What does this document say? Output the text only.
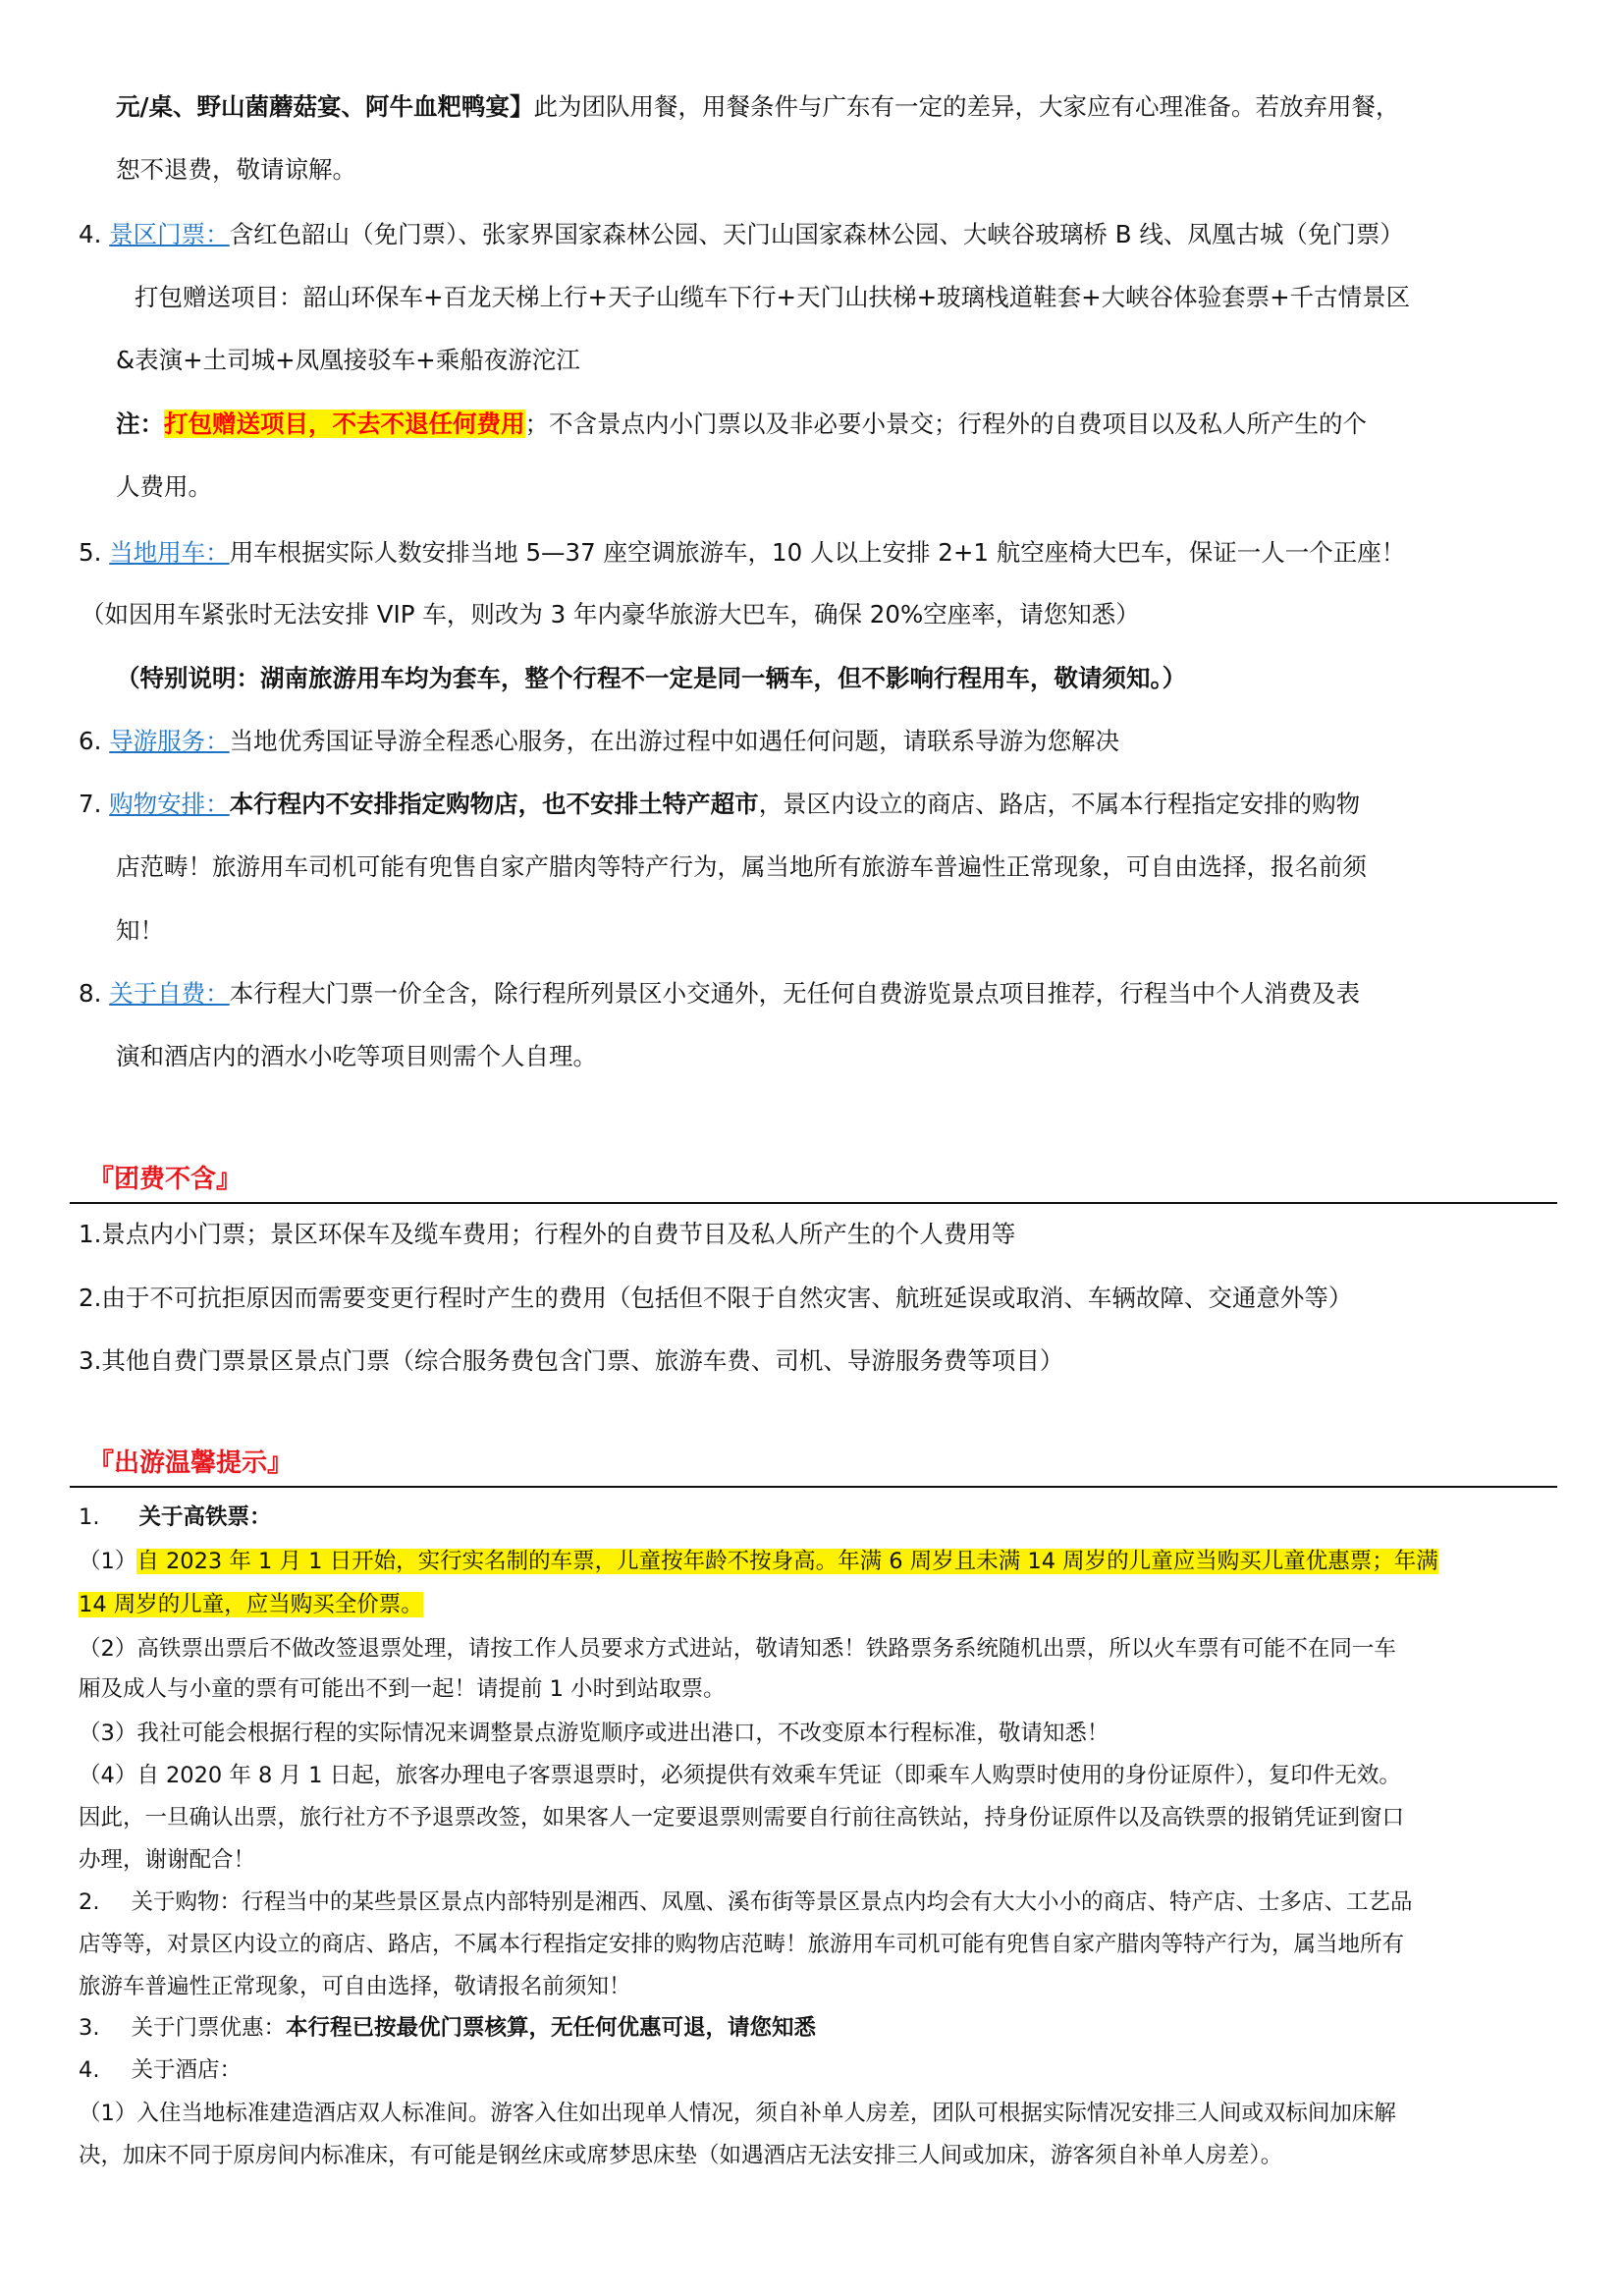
元/桌、野山菌蘑菇宴、阿牛血粑鸭宴】此为团队用餐，用餐条件与广东有一定的差异，大家应有心理准备。若放弃用餐，
恕不退费，敬请谅解。
4. 景区门票：含红色韶山（免门票）、张家界国家森林公园、天门山国家森林公园、大峡谷玻璃桥 B 线、凤凰古城（免门票）
打包赠送项目：韶山环保车+百龙天梯上行+天子山缆车下行+天门山扶梯+玻璃栈道鞋套+大峡谷体验套票+千古情景区
&表演+土司城+凤凰接驳车+乘船夜游沱江
注：打包赠送项目，不去不退任何费用；不含景点内小门票以及非必要小景交；行程外的自费项目以及私人所产生的个
人费用。
5. 当地用车：用车根据实际人数安排当地 5—37 座空调旅游车，10 人以上安排 2+1 航空座椅大巴车，保证一人一个正座！
（如因用车紧张时无法安排 VIP 车，则改为 3 年内豪华旅游大巴车，确保 20%空座率，请您知悉）
（特别说明：湖南旅游用车均为套车，整个行程不一定是同一辆车，但不影响行程用车，敬请须知。）
6. 导游服务：当地优秀国证导游全程悉心服务，在出游过程中如遇任何问题，请联系导游为您解决
7. 购物安排：本行程内不安排指定购物店，也不安排土特产超市，景区内设立的商店、路店，不属本行程指定安排的购物
店范畴！旅游用车司机可能有兜售自家产腊肉等特产行为，属当地所有旅游车普遍性正常现象，可自由选择，报名前须
知！
8. 关于自费：本行程大门票一价全含，除行程所列景区小交通外，无任何自费游览景点项目推荐，行程当中个人消费及表
演和酒店内的酒水小吃等项目则需个人自理。
『团费不含』
1.景点内小门票；景区环保车及缆车费用；行程外的自费节目及私人所产生的个人费用等
2.由于不可抗拒原因而需要变更行程时产生的费用（包括但不限于自然灾害、航班延误或取消、车辆故障、交通意外等）
3.其他自费门票景区景点门票（综合服务费包含门票、旅游车费、司机、导游服务费等项目）
『出游温馨提示』
1. 关于高铁票：
（1）自 2023 年 1 月 1 日开始，实行实名制的车票，儿童按年龄不按身高。年满 6 周岁且未满 14 周岁的儿童应当购买儿童优惠票；年满
14 周岁的儿童，应当购买全价票。
（2）高铁票出票后不做改签退票处理，请按工作人员要求方式进站，敬请知悉！铁路票务系统随机出票，所以火车票有可能不在同一车
厢及成人与小童的票有可能出不到一起！请提前 1 小时到站取票。
（3）我社可能会根据行程的实际情况来调整景点游览顺序或进出港口，不改变原本行程标准，敬请知悉！
（4）自 2020 年 8 月 1 日起，旅客办理电子客票退票时，必须提供有效乘车凭证（即乘车人购票时使用的身份证原件），复印件无效。
因此，一旦确认出票，旅行社方不予退票改签，如果客人一定要退票则需要自行前往高铁站，持身份证原件以及高铁票的报销凭证到窗口
办理，谢谢配合！
2. 关于购物：行程当中的某些景区景点内部特别是湘西、凤凰、溪布街等景区景点内均会有大大小小的商店、特产店、士多店、工艺品
店等等，对景区内设立的商店、路店，不属本行程指定安排的购物店范畴！旅游用车司机可能有兜售自家产腊肉等特产行为，属当地所有
旅游车普遍性正常现象，可自由选择，敬请报名前须知！
3. 关于门票优惠：本行程已按最优门票核算，无任何优惠可退，请您知悉
4. 关于酒店：
（1）入住当地标准建造酒店双人标准间。游客入住如出现单人情况，须自补单人房差，团队可根据实际情况安排三人间或双标间加床解
决，加床不同于原房间内标准床，有可能是钢丝床或席梦思床垫（如遇酒店无法安排三人间或加床，游客须自补单人房差）。
